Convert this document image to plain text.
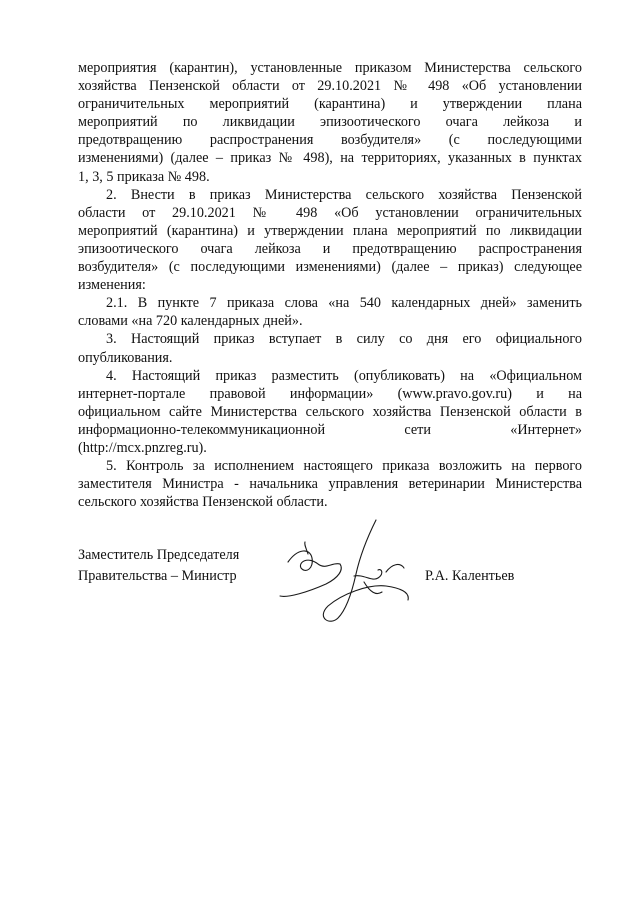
мероприятия (карантин), установленные приказом Министерства сельского
хозяйства Пензенской области от 29.10.2021 № 498 «Об установлении
ограничительных мероприятий (карантина) и утверждении плана
мероприятий по ликвидации эпизоотического очага лейкоза и
предотвращению распространения возбудителя» (с последующими
изменениями) (далее – приказ № 498), на территориях, указанных в пунктах
1, 3, 5 приказа № 498.
2. Внести в приказ Министерства сельского хозяйства Пензенской
области от 29.10.2021 № 498 «Об установлении ограничительных
мероприятий (карантина) и утверждении плана мероприятий по ликвидации
эпизоотического очага лейкоза и предотвращению распространения
возбудителя» (с последующими изменениями) (далее – приказ) следующее
изменения:
2.1. В пункте 7 приказа слова «на 540 календарных дней» заменить
словами «на 720 календарных дней».
3. Настоящий приказ вступает в силу со дня его официального
опубликования.
4. Настоящий приказ разместить (опубликовать) на «Официальном
интернет-портале правовой информации» (www.pravo.gov.ru) и на
официальном сайте Министерства сельского хозяйства Пензенской области в
информационно-телекоммуникационной сети «Интернет»
(http://mcx.pnzreg.ru).
5. Контроль за исполнением настоящего приказа возложить на первого
заместителя Министра - начальника управления ветеринарии Министерства
сельского хозяйства Пензенской области.
Заместитель Председателя
Правительства – Министр	Р.А. Калентьев
